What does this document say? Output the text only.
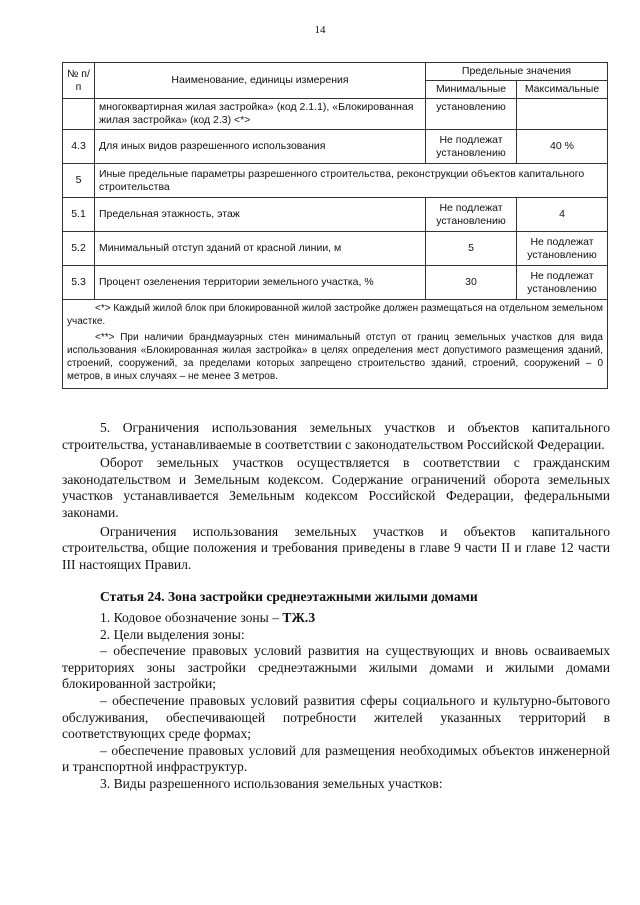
14
№ п/п	Наименование, единицы измерения	Предельные значения	
		Минимальные	Максимальные
	многоквартирная жилая застройка» (код 2.1.1), «Блокированная жилая застройка» (код 2.3) <*>	установлению	
4.3	Для иных видов разрешенного использования	Не подлежат установлению	40 %
5	Иные предельные параметры разрешенного строительства, реконструкции объектов капитального строительства		
5.1	Предельная этажность, этаж	Не подлежат установлению	4
5.2	Минимальный отступ зданий от красной линии, м	5	Не подлежат установлению
5.3	Процент озеленения территории земельного участка, %	30	Не подлежат установлению

<*> Каждый жилой блок при блокированной жилой застройке должен размещаться на отдельном земельном участке.

<**> При наличии брандмауэрных стен минимальный отступ от границ земельных участков для вида использования «Блокированная жилая застройка» в целях определения мест допустимого размещения зданий, строений, сооружений, за пределами которых запрещено строительство зданий, строений, сооружений – 0 метров, в иных случаях – не менее 3 метров.			

5. Ограничения использования земельных участков и объектов капитального строительства, устанавливаемые в соответствии с законодательством Российской Федерации.

Оборот земельных участков осуществляется в соответствии с гражданским законодательством и Земельным кодексом. Содержание ограничений оборота земельных участков устанавливается Земельным кодексом Российской Федерации, федеральными законами.

Ограничения использования земельных участков и объектов капитального строительства, общие положения и требования приведены в главе 9 части II и главе 12 части III настоящих Правил.

Статья 24. Зона застройки среднеэтажными жилыми домами

1. Кодовое обозначение зоны – ТЖ.3

2. Цели выделения зоны:

– обеспечение правовых условий развития на существующих и вновь осваиваемых территориях зоны застройки среднеэтажными жилыми домами и жилыми домами блокированной застройки;

– обеспечение правовых условий развития сферы социального и культурно-бытового обслуживания, обеспечивающей потребности жителей указанных территорий в соответствующих среде формах;

– обеспечение правовых условий для размещения необходимых объектов инженерной и транспортной инфраструктур.

3. Виды разрешенного использования земельных участков:
